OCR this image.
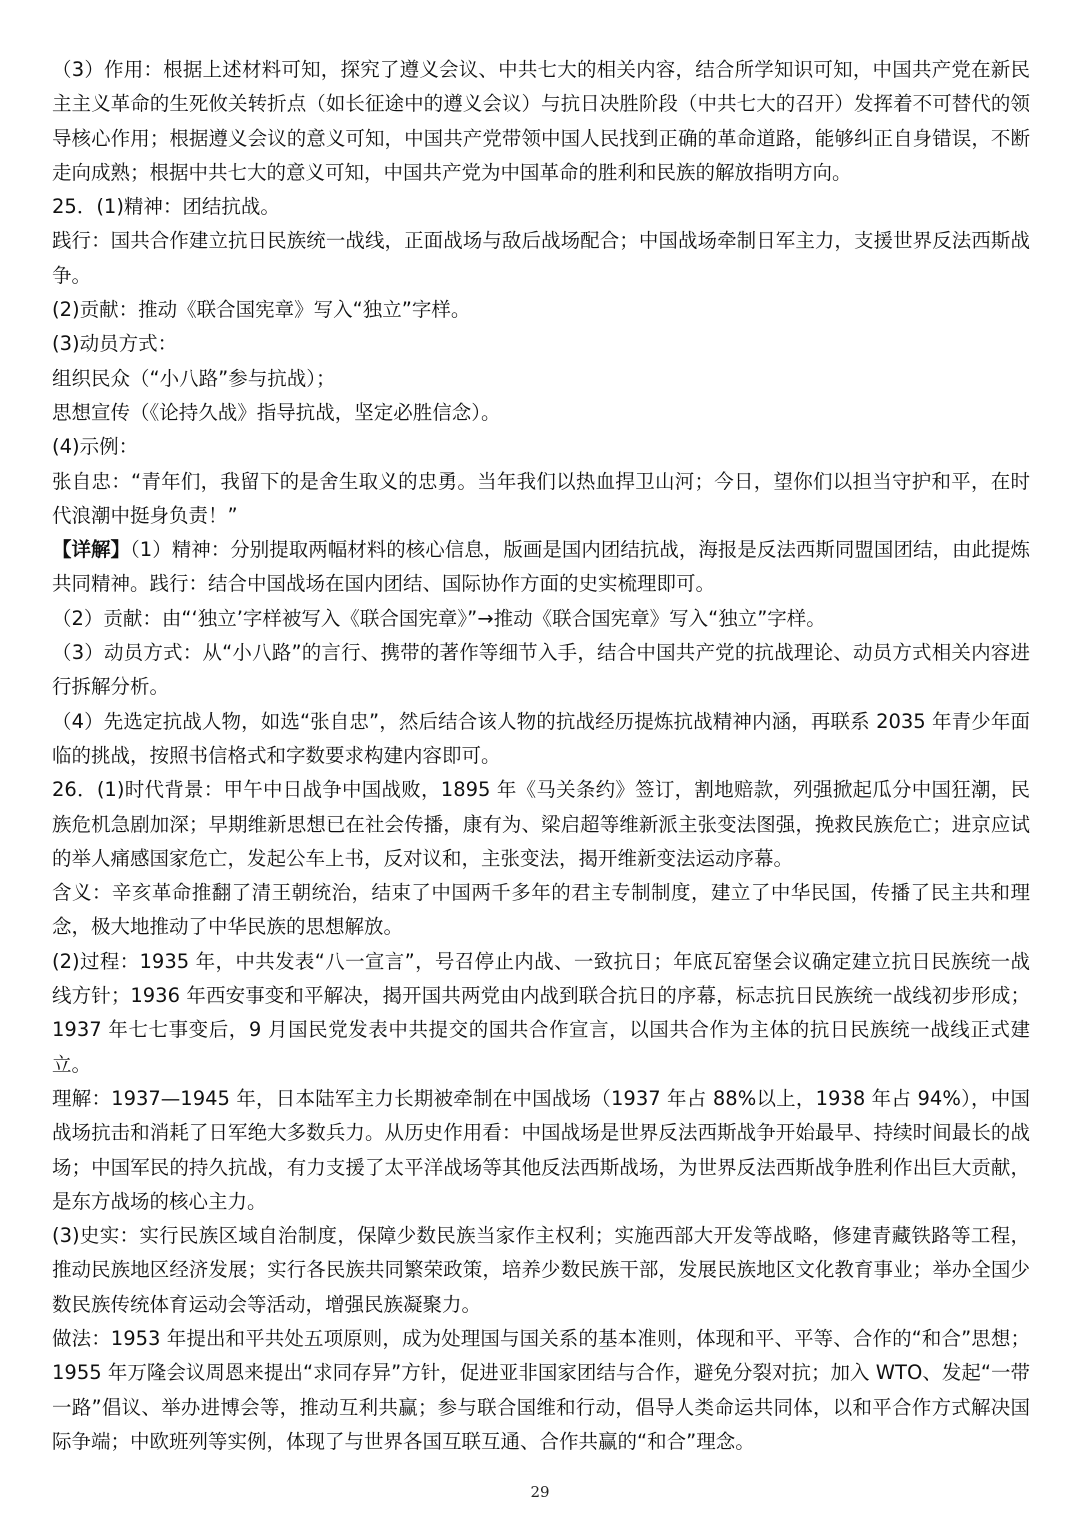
（3）作用：根据上述材料可知，探究了遵义会议、中共七大的相关内容，结合所学知识可知，中国共产党在新民主主义革命的生死攸关转折点（如长征途中的遵义会议）与抗日决胜阶段（中共七大的召开）发挥着不可替代的领导核心作用；根据遵义会议的意义可知，中国共产党带领中国人民找到正确的革命道路，能够纠正自身错误，不断走向成熟；根据中共七大的意义可知，中国共产党为中国革命的胜利和民族的解放指明方向。

25．(1)精神：团结抗战。

践行：国共合作建立抗日民族统一战线，正面战场与敌后战场配合；中国战场牵制日军主力，支援世界反法西斯战争。

(2)贡献：推动《联合国宪章》写入“独立”字样。

(3)动员方式：

组织民众（“小八路”参与抗战）；

思想宣传（《论持久战》指导抗战，坚定必胜信念）。

(4)示例：

张自忠：“青年们，我留下的是舍生取义的忠勇。当年我们以热血捍卫山河；今日，望你们以担当守护和平，在时代浪潮中挺身负责！”

【详解】（1）精神：分别提取两幅材料的核心信息，版画是国内团结抗战，海报是反法西斯同盟国团结，由此提炼共同精神。践行：结合中国战场在国内团结、国际协作方面的史实梳理即可。

（2）贡献：由“‘独立’字样被写入《联合国宪章》”→推动《联合国宪章》写入“独立”字样。

（3）动员方式：从“小八路”的言行、携带的著作等细节入手，结合中国共产党的抗战理论、动员方式相关内容进行拆解分析。

（4）先选定抗战人物，如选“张自忠”，然后结合该人物的抗战经历提炼抗战精神内涵，再联系 2035 年青少年面临的挑战，按照书信格式和字数要求构建内容即可。

26．(1)时代背景：甲午中日战争中国战败，1895 年《马关条约》签订，割地赔款，列强掀起瓜分中国狂潮，民族危机急剧加深；早期维新思想已在社会传播，康有为、梁启超等维新派主张变法图强，挽救民族危亡；进京应试的举人痛感国家危亡，发起公车上书，反对议和，主张变法，揭开维新变法运动序幕。

含义：辛亥革命推翻了清王朝统治，结束了中国两千多年的君主专制制度，建立了中华民国，传播了民主共和理念，极大地推动了中华民族的思想解放。

(2)过程：1935 年，中共发表“八一宣言”，号召停止内战、一致抗日；年底瓦窑堡会议确定建立抗日民族统一战线方针；1936 年西安事变和平解决，揭开国共两党由内战到联合抗日的序幕，标志抗日民族统一战线初步形成；1937 年七七事变后，9 月国民党发表中共提交的国共合作宣言，以国共合作为主体的抗日民族统一战线正式建立。

理解：1937—1945 年，日本陆军主力长期被牵制在中国战场（1937 年占 88%以上，1938 年占 94%），中国战场抗击和消耗了日军绝大多数兵力。从历史作用看：中国战场是世界反法西斯战争开始最早、持续时间最长的战场；中国军民的持久抗战，有力支援了太平洋战场等其他反法西斯战场，为世界反法西斯战争胜利作出巨大贡献，是东方战场的核心主力。

(3)史实：实行民族区域自治制度，保障少数民族当家作主权利；实施西部大开发等战略，修建青藏铁路等工程，推动民族地区经济发展；实行各民族共同繁荣政策，培养少数民族干部，发展民族地区文化教育事业；举办全国少数民族传统体育运动会等活动，增强民族凝聚力。

做法：1953 年提出和平共处五项原则，成为处理国与国关系的基本准则，体现和平、平等、合作的“和合”思想；1955 年万隆会议周恩来提出“求同存异”方针，促进亚非国家团结与合作，避免分裂对抗；加入 WTO、发起“一带一路”倡议、举办进博会等，推动互利共赢；参与联合国维和行动，倡导人类命运共同体，以和平合作方式解决国际争端；中欧班列等实例，体现了与世界各国互联互通、合作共赢的“和合”理念。

29
